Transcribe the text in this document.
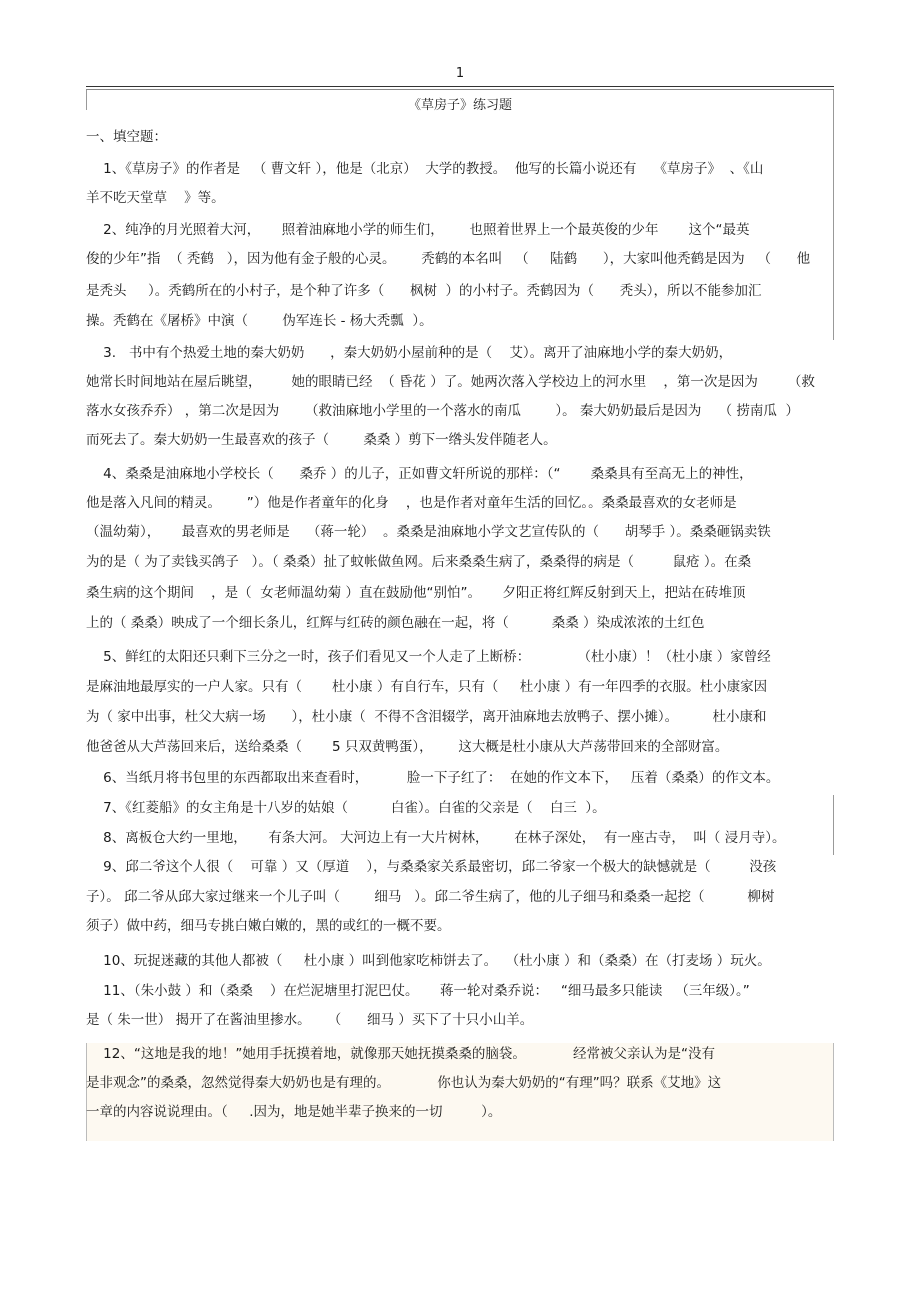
1
《草房子》练习题
一、填空题：
1、《草房子》的作者是   （ 曹文轩 ），他是（北京）  大学的教授。  他写的长篇小说还有    《草房子》  、《山
羊不吃天堂草    》等。
2、纯净的月光照着大河，     照着油麻地小学的师生们，      也照着世界上一个最英俊的少年       这个“最英
俊的少年”指  （ 秃鹤   ），因为他有金子般的心灵。      秃鹤的本名叫   （     陆鹤      ），大家叫他秃鹤是因为   （      他
是秃头     ）。秃鹤所在的小村子，是个种了许多（      枫树  ）的小村子。秃鹤因为（      秃头），所以不能参加汇
操。秃鹤在《屠桥》中演（        伪军连长 - 杨大秃瓢  ）。
3.   书中有个热爱土地的秦大奶奶      ，秦大奶奶小屋前种的是（    艾）。离开了油麻地小学的秦大奶奶，
她常长时间地站在屋后眺望，       她的眼睛已经  （ 昏花 ）了。她两次落入学校边上的河水里    ，第一次是因为       （救
落水女孩乔乔） ，第二次是因为      （救油麻地小学里的一个落水的南瓜        ）。 秦大奶奶最后是因为    （ 捞南瓜  ）
而死去了。秦大奶奶一生最喜欢的孩子（        桑桑 ）剪下一绺头发伴随老人。
4、桑桑是油麻地小学校长（      桑乔 ）的儿子，正如曹文轩所说的那样：（“       桑桑具有至高无上的神性，
他是落入凡间的精灵。      ”）他是作者童年的化身    ，也是作者对童年生活的回忆。。桑桑最喜欢的女老师是
（温幼菊），     最喜欢的男老师是    （蒋一轮）  。桑桑是油麻地小学文艺宣传队的（      胡琴手 ）。桑桑砸锅卖铁
为的是（ 为了卖钱买鸽子   ）。（ 桑桑）扯了蚊帐做鱼网。后来桑桑生病了，桑桑得的病是（         鼠疮 ）。在桑
桑生病的这个期间    ，是（  女老师温幼菊 ）直在鼓励他“别怕”。     夕阳正将红辉反射到天上，把站在砖堆顶
上的（ 桑桑）映成了一个细长条儿，红辉与红砖的颜色融在一起，将（          桑桑 ）染成浓浓的土红色
5、鲜红的太阳还只剩下三分之一时，孩子们看见又一个人走了上断桥：           （杜小康）！（杜小康 ）家曾经
是麻油地最厚实的一户人家。只有（       杜小康 ）有自行车，只有（     杜小康 ）有一年四季的衣服。杜小康家因
为（ 家中出事，杜父大病一场      ），杜小康（  不得不含泪辍学，离开油麻地去放鸭子、摆小摊）。        杜小康和
他爸爸从大芦荡回来后，送给桑桑（       5 只双黄鸭蛋），      这大概是杜小康从大芦荡带回来的全部财富。
6、当纸月将书包里的东西都取出来查看时，         脸一下子红了：  在她的作文本下，   压着（桑桑）的作文本。
7、《红菱船》的女主角是十八岁的姑娘（          白雀）。白雀的父亲是（    白三  ）。
8、离板仓大约一里地，     有条大河。 大河边上有一大片树林，      在林子深处，  有一座古寺，  叫（ 浸月寺）。
9、邱二爷这个人很（    可靠 ）又（厚道    ），与桑桑家关系最密切，邱二爷家一个极大的缺憾就是（         没孩
子）。 邱二爷从邱大家过继来一个儿子叫（        细马   ）。邱二爷生病了，他的儿子细马和桑桑一起挖（          柳树
须子）做中药，细马专挑白嫩白嫩的，黑的或红的一概不要。
10、玩捉迷藏的其他人都被（     杜小康 ）叫到他家吃柿饼去了。  （杜小康 ）和（桑桑）在（打麦场 ）玩火。
11、（朱小鼓 ）和（桑桑    ）在烂泥塘里打泥巴仗。     蒋一轮对桑乔说：   “细马最多只能读   （三年级）。”
是（ 朱一世） 揭开了在酱油里掺水。    （      细马 ）买下了十只小山羊。
12、“这地是我的地！”她用手抚摸着地，就像那天她抚摸桑桑的脑袋。           经常被父亲认为是“没有
是非观念”的桑桑，忽然觉得秦大奶奶也是有理的。           你也认为秦大奶奶的“有理”吗？联系《艾地》这
一章的内容说说理由。（     .因为，地是她半辈子换来的一切         ）。
